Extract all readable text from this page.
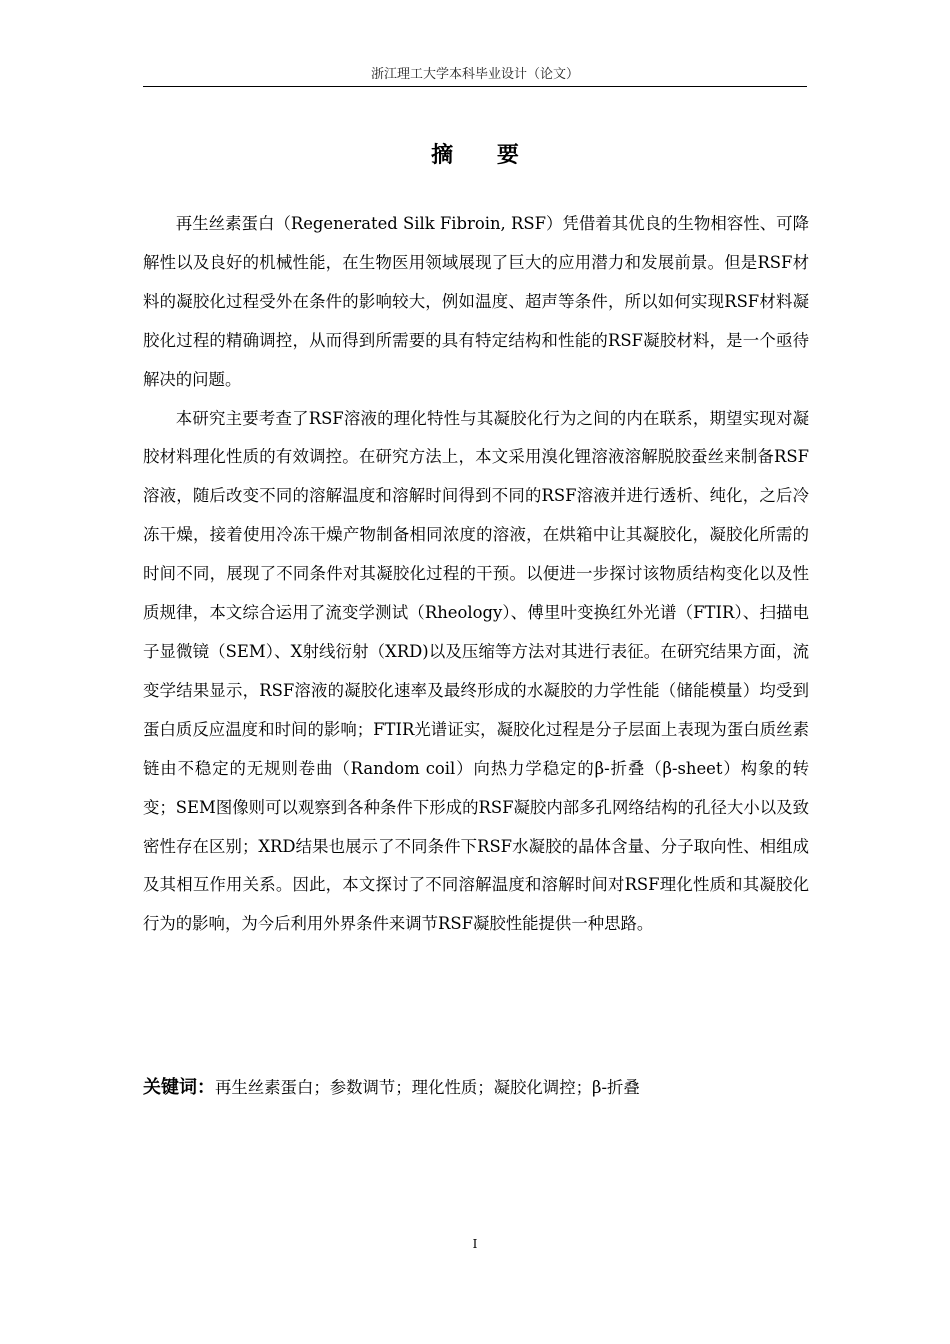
浙江理工大学本科毕业设计（论文）
摘 要

再生丝素蛋白（Regenerated Silk Fibroin, RSF）凭借着其优良的生物相容性、可降解性以及良好的机械性能，在生物医用领域展现了巨大的应用潜力和发展前景。但是RSF材料的凝胶化过程受外在条件的影响较大，例如温度、超声等条件，所以如何实现RSF材料凝胶化过程的精确调控，从而得到所需要的具有特定结构和性能的RSF凝胶材料，是一个亟待解决的问题。

本研究主要考查了RSF溶液的理化特性与其凝胶化行为之间的内在联系，期望实现对凝胶材料理化性质的有效调控。在研究方法上，本文采用溴化锂溶液溶解脱胶蚕丝来制备RSF溶液，随后改变不同的溶解温度和溶解时间得到不同的RSF溶液并进行透析、纯化，之后冷冻干燥，接着使用冷冻干燥产物制备相同浓度的溶液，在烘箱中让其凝胶化，凝胶化所需的时间不同，展现了不同条件对其凝胶化过程的干预。以便进一步探讨该物质结构变化以及性质规律，本文综合运用了流变学测试（Rheology）、傅里叶变换红外光谱（FTIR）、扫描电子显微镜（SEM）、X射线衍射（XRD)以及压缩等方法对其进行表征。在研究结果方面，流变学结果显示，RSF溶液的凝胶化速率及最终形成的水凝胶的力学性能（储能模量）均受到蛋白质反应温度和时间的影响；FTIR光谱证实，凝胶化过程是分子层面上表现为蛋白质丝素链由不稳定的无规则卷曲（Random coil）向热力学稳定的β-折叠（β-sheet）构象的转变；SEM图像则可以观察到各种条件下形成的RSF凝胶内部多孔网络结构的孔径大小以及致密性存在区别；XRD结果也展示了不同条件下RSF水凝胶的晶体含量、分子取向性、相组成及其相互作用关系。因此，本文探讨了不同溶解温度和溶解时间对RSF理化性质和其凝胶化行为的影响，为今后利用外界条件来调节RSF凝胶性能提供一种思路。

关键词：再生丝素蛋白；参数调节；理化性质；凝胶化调控；β-折叠
I
